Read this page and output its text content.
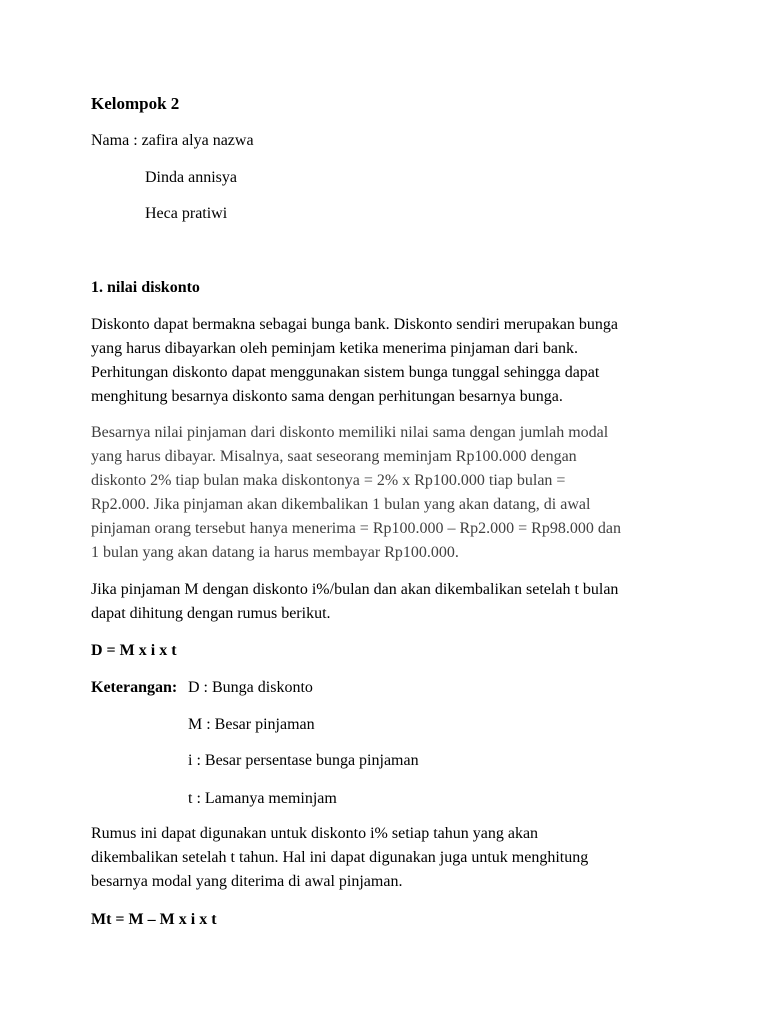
Kelompok 2
Nama : zafira alya nazwa
Dinda annisya
Heca pratiwi
1. nilai diskonto
Diskonto dapat bermakna sebagai bunga bank. Diskonto sendiri merupakan bunga
yang harus dibayarkan oleh peminjam ketika menerima pinjaman dari bank.
Perhitungan diskonto dapat menggunakan sistem bunga tunggal sehingga dapat
menghitung besarnya diskonto sama dengan perhitungan besarnya bunga.
Besarnya nilai pinjaman dari diskonto memiliki nilai sama dengan jumlah modal
yang harus dibayar. Misalnya, saat seseorang meminjam Rp100.000 dengan
diskonto 2% tiap bulan maka diskontonya = 2% x Rp100.000 tiap bulan =
Rp2.000. Jika pinjaman akan dikembalikan 1 bulan yang akan datang, di awal
pinjaman orang tersebut hanya menerima = Rp100.000 – Rp2.000 = Rp98.000 dan
1 bulan yang akan datang ia harus membayar Rp100.000.
Jika pinjaman M dengan diskonto i%/bulan dan akan dikembalikan setelah t bulan
dapat dihitung dengan rumus berikut.
D = M x i x t
Keterangan: D : Bunga diskonto
M : Besar pinjaman
i : Besar persentase bunga pinjaman
t : Lamanya meminjam
Rumus ini dapat digunakan untuk diskonto i% setiap tahun yang akan
dikembalikan setelah t tahun. Hal ini dapat digunakan juga untuk menghitung
besarnya modal yang diterima di awal pinjaman.
Mt = M – M x i x t
